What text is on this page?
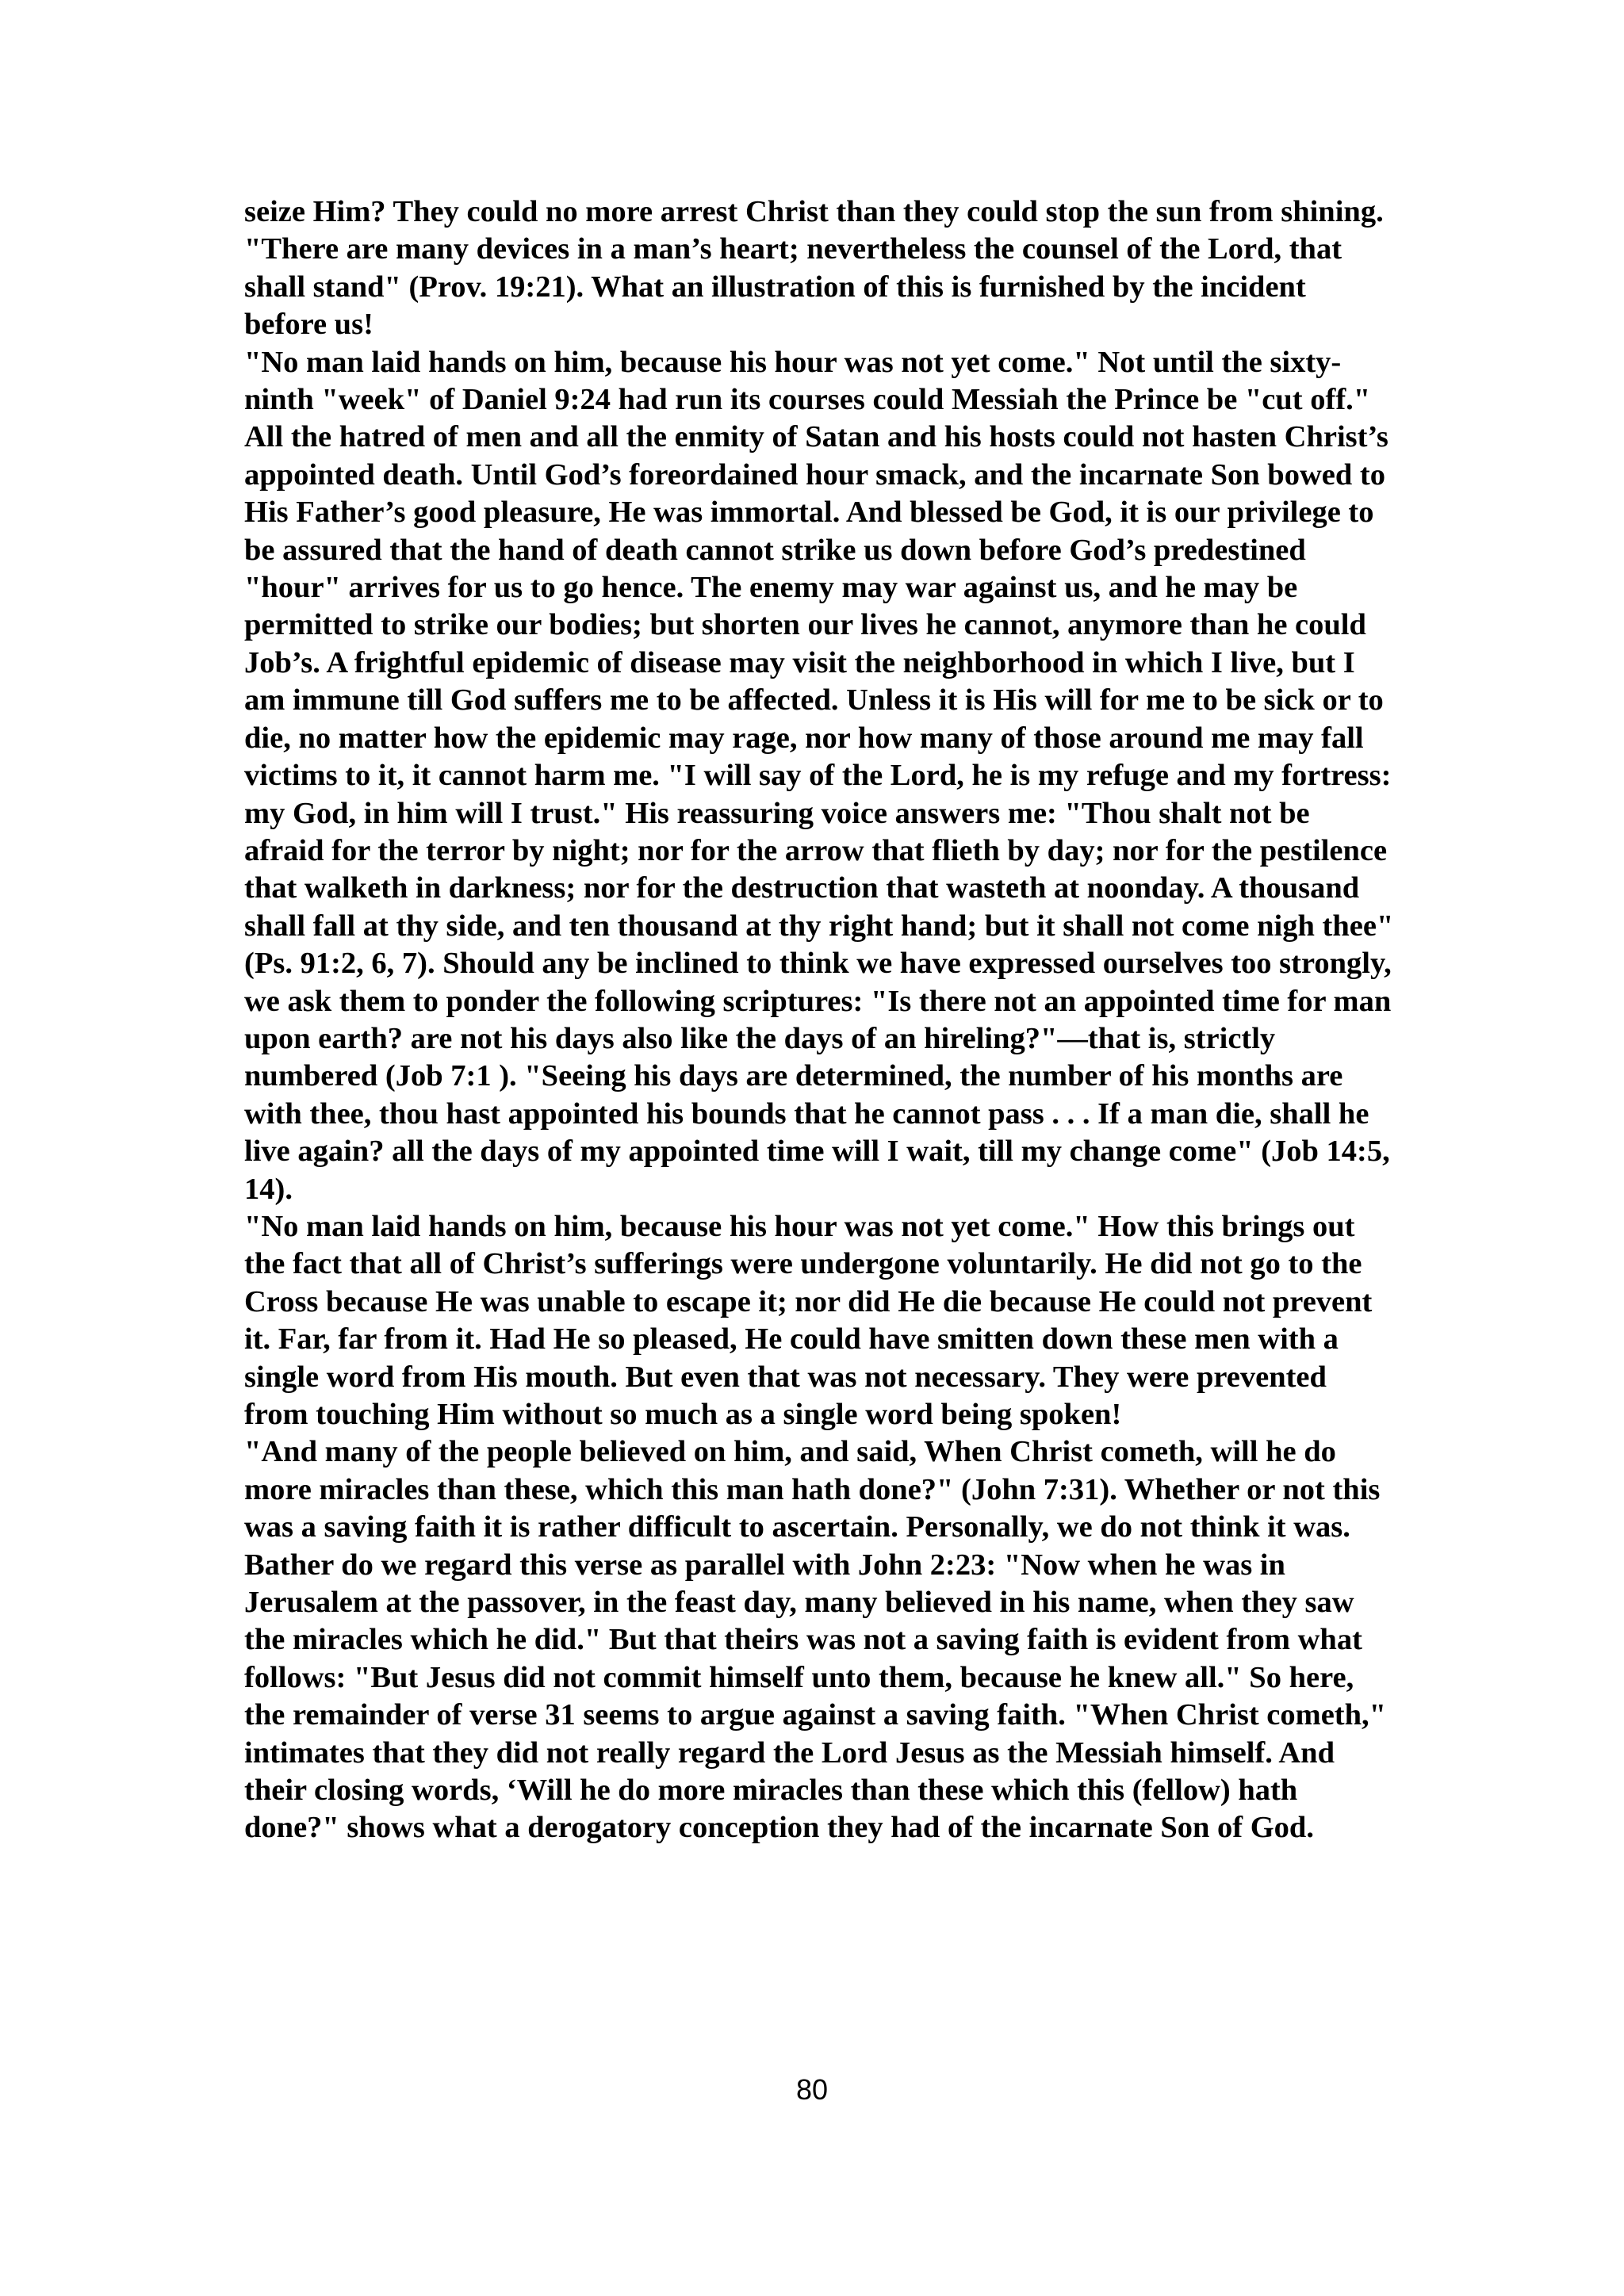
seize Him? They could no more arrest Christ than they could stop the sun from shining. "There are many devices in a man’s heart; nevertheless the counsel of the Lord, that shall stand" (Prov. 19:21). What an illustration of this is furnished by the incident before us!

"No man laid hands on him, because his hour was not yet come." Not until the sixty-ninth "week" of Daniel 9:24 had run its courses could Messiah the Prince be "cut off." All the hatred of men and all the enmity of Satan and his hosts could not hasten Christ’s appointed death. Until God’s foreordained hour smack, and the incarnate Son bowed to His Father’s good pleasure, He was immortal. And blessed be God, it is our privilege to be assured that the hand of death cannot strike us down before God’s predestined "hour" arrives for us to go hence. The enemy may war against us, and he may be permitted to strike our bodies; but shorten our lives he cannot, anymore than he could Job’s. A frightful epidemic of disease may visit the neighborhood in which I live, but I am immune till God suffers me to be affected. Unless it is His will for me to be sick or to die, no matter how the epidemic may rage, nor how many of those around me may fall victims to it, it cannot harm me. "I will say of the Lord, he is my refuge and my fortress: my God, in him will I trust." His reassuring voice answers me: "Thou shalt not be afraid for the terror by night; nor for the arrow that flieth by day; nor for the pestilence that walketh in darkness; nor for the destruction that wasteth at noonday. A thousand shall fall at thy side, and ten thousand at thy right hand; but it shall not come nigh thee" (Ps. 91:2, 6, 7). Should any be inclined to think we have expressed ourselves too strongly, we ask them to ponder the following scriptures: "Is there not an appointed time for man upon earth? are not his days also like the days of an hireling?"—that is, strictly numbered (Job 7:1 ). "Seeing his days are determined, the number of his months are with thee, thou hast appointed his bounds that he cannot pass . . . If a man die, shall he live again? all the days of my appointed time will I wait, till my change come" (Job 14:5, 14).

"No man laid hands on him, because his hour was not yet come." How this brings out the fact that all of Christ’s sufferings were undergone voluntarily. He did not go to the Cross because He was unable to escape it; nor did He die because He could not prevent it. Far, far from it. Had He so pleased, He could have smitten down these men with a single word from His mouth. But even that was not necessary. They were prevented from touching Him without so much as a single word being spoken!

"And many of the people believed on him, and said, When Christ cometh, will he do more miracles than these, which this man hath done?" (John 7:31). Whether or not this was a saving faith it is rather difficult to ascertain. Personally, we do not think it was. Bather do we regard this verse as parallel with John 2:23: "Now when he was in Jerusalem at the passover, in the feast day, many believed in his name, when they saw the miracles which he did." But that theirs was not a saving faith is evident from what follows: "But Jesus did not commit himself unto them, because he knew all." So here, the remainder of verse 31 seems to argue against a saving faith. "When Christ cometh," intimates that they did not really regard the Lord Jesus as the Messiah himself. And their closing words, ‘Will he do more miracles than these which this (fellow) hath done?" shows what a derogatory conception they had of the incarnate Son of God.

80
